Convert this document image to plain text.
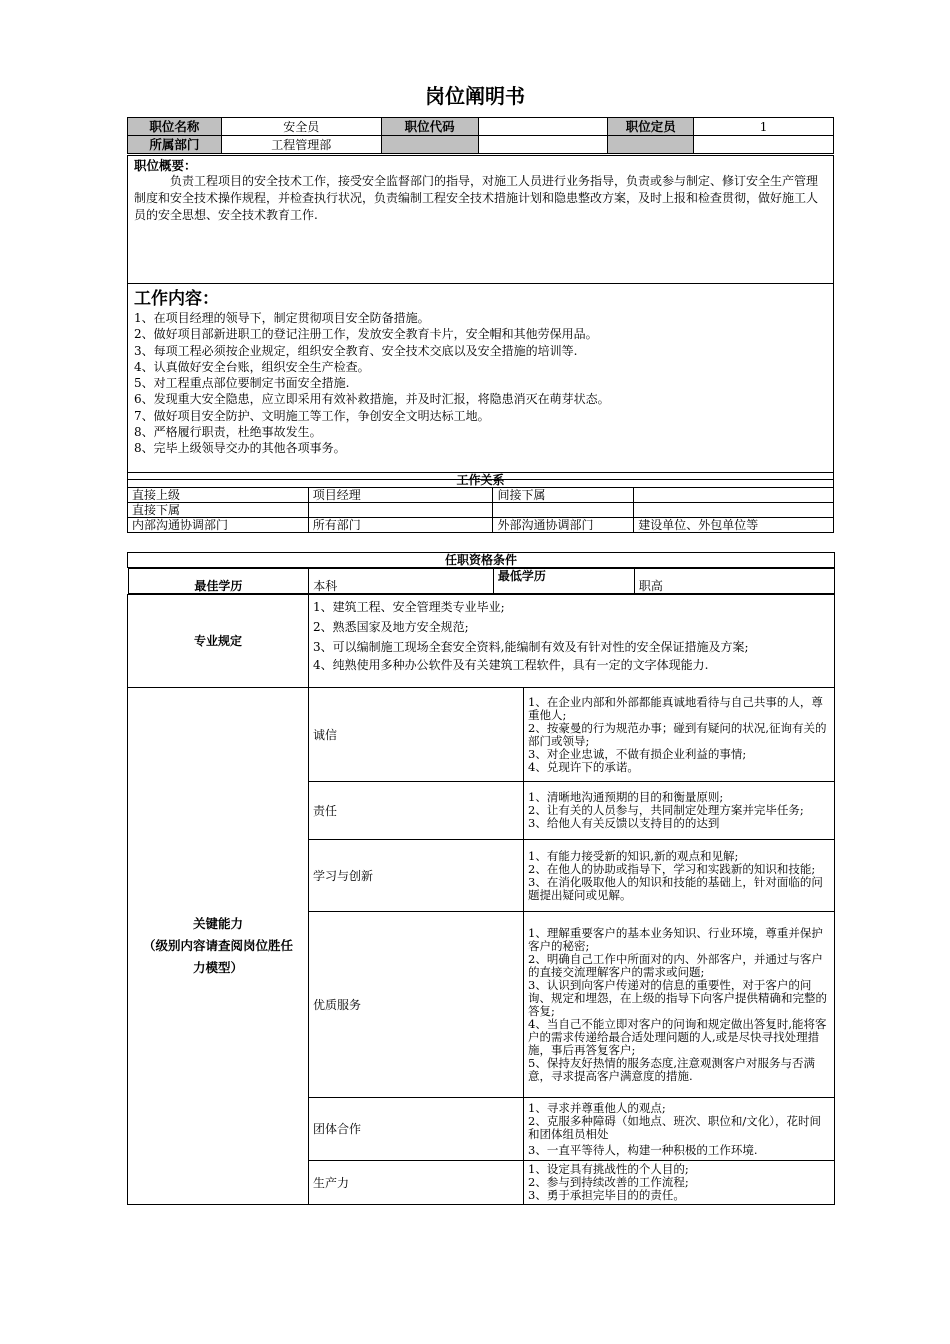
岗位阐明书
职位名称	安全员	职位代码		职位定员	1
所属部门	工程管理部				
职位概要：
负责工程项目的安全技术工作，接受安全监督部门的指导，对施工人员进行业务指导，负责或参与制定、修订安全生产管理制度和安全技术操作规程，并检查执行状况，负责编制工程安全技术措施计划和隐患整改方案，及时上报和检查贯彻，做好施工人员的安全思想、安全技术教育工作.

工作内容：
1、在项目经理的领导下，制定贯彻项目安全防备措施。
2、做好项目部新进职工的登记注册工作，发放安全教育卡片，安全帽和其他劳保用品。
3、每项工程必须按企业规定，组织安全教育、安全技术交底以及安全措施的培训等.
4、认真做好安全台账，组织安全生产检查。
5、对工程重点部位要制定书面安全措施.
6、发现重大安全隐患，应立即采用有效补救措施，并及时汇报，将隐患消灭在萌芽状态。
7、做好项目安全防护、文明施工等工作，争创安全文明达标工地。
8、严格履行职责，杜绝事故发生。
8、完毕上级领导交办的其他各项事务。
工作关系			
直接上级	项目经理	间接下属	
直接下属			
内部沟通协调部门	所有部门	外部沟通协调部门	建设单位、外包单位等
任职资格条件

最佳学历	本科	最低学历	职高

专业规定	
1、建筑工程、安全管理类专业毕业;
2、熟悉国家及地方安全规范;
3、可以编制施工现场全套安全资料,能编制有效及有针对性的安全保证措施及方案;
4、纯熟使用多种办公软件及有关建筑工程软件，具有一定的文字体现能力.

关键能力
（级别内容请查阅岗位胜任
力模型）
	诚信	
1、在企业内部和外部都能真诚地看待与自己共事的人，尊重他人;
2、按豪曼的行为规范办事；碰到有疑问的状况,征询有关的部门或领导;
3、对企业忠诚，不做有损企业利益的事情;
4、兑现许下的承诺。

责任	
1、清晰地沟通预期的目的和衡量原则;
2、让有关的人员参与，共同制定处理方案并完毕任务;
3、给他人有关反馈以支持目的的达到

学习与创新	
1、有能力接受新的知识,新的观点和见解;
2、在他人的协助或指导下，学习和实践新的知识和技能;
3、在消化吸取他人的知识和技能的基础上，针对面临的问题提出疑问或见解。

优质服务	
1、理解重要客户的基本业务知识、行业环境，尊重并保护客户的秘密;
2、明确自己工作中所面对的内、外部客户，并通过与客户的直接交流理解客户的需求或问题;
3、认识到向客户传递对的信息的重要性，对于客户的问询、规定和埋怨，在上级的指导下向客户提供精确和完整的答复;
4、当自己不能立即对客户的问询和规定做出答复时,能将客户的需求传递给最合适处理问题的人,或是尽快寻找处理措施，事后再答复客户;
5、保持友好热情的服务态度,注意观测客户对服务与否满意，寻求提高客户满意度的措施.

团体合作	
1、寻求并尊重他人的观点;
2、克服多种障碍（如地点、班次、职位和/文化），花时间和团体组员相处
3、一直平等待人，构建一种积极的工作环境.

生产力	
1、设定具有挑战性的个人目的;
2、参与到持续改善的工作流程;
3、勇于承担完毕目的的责任。
